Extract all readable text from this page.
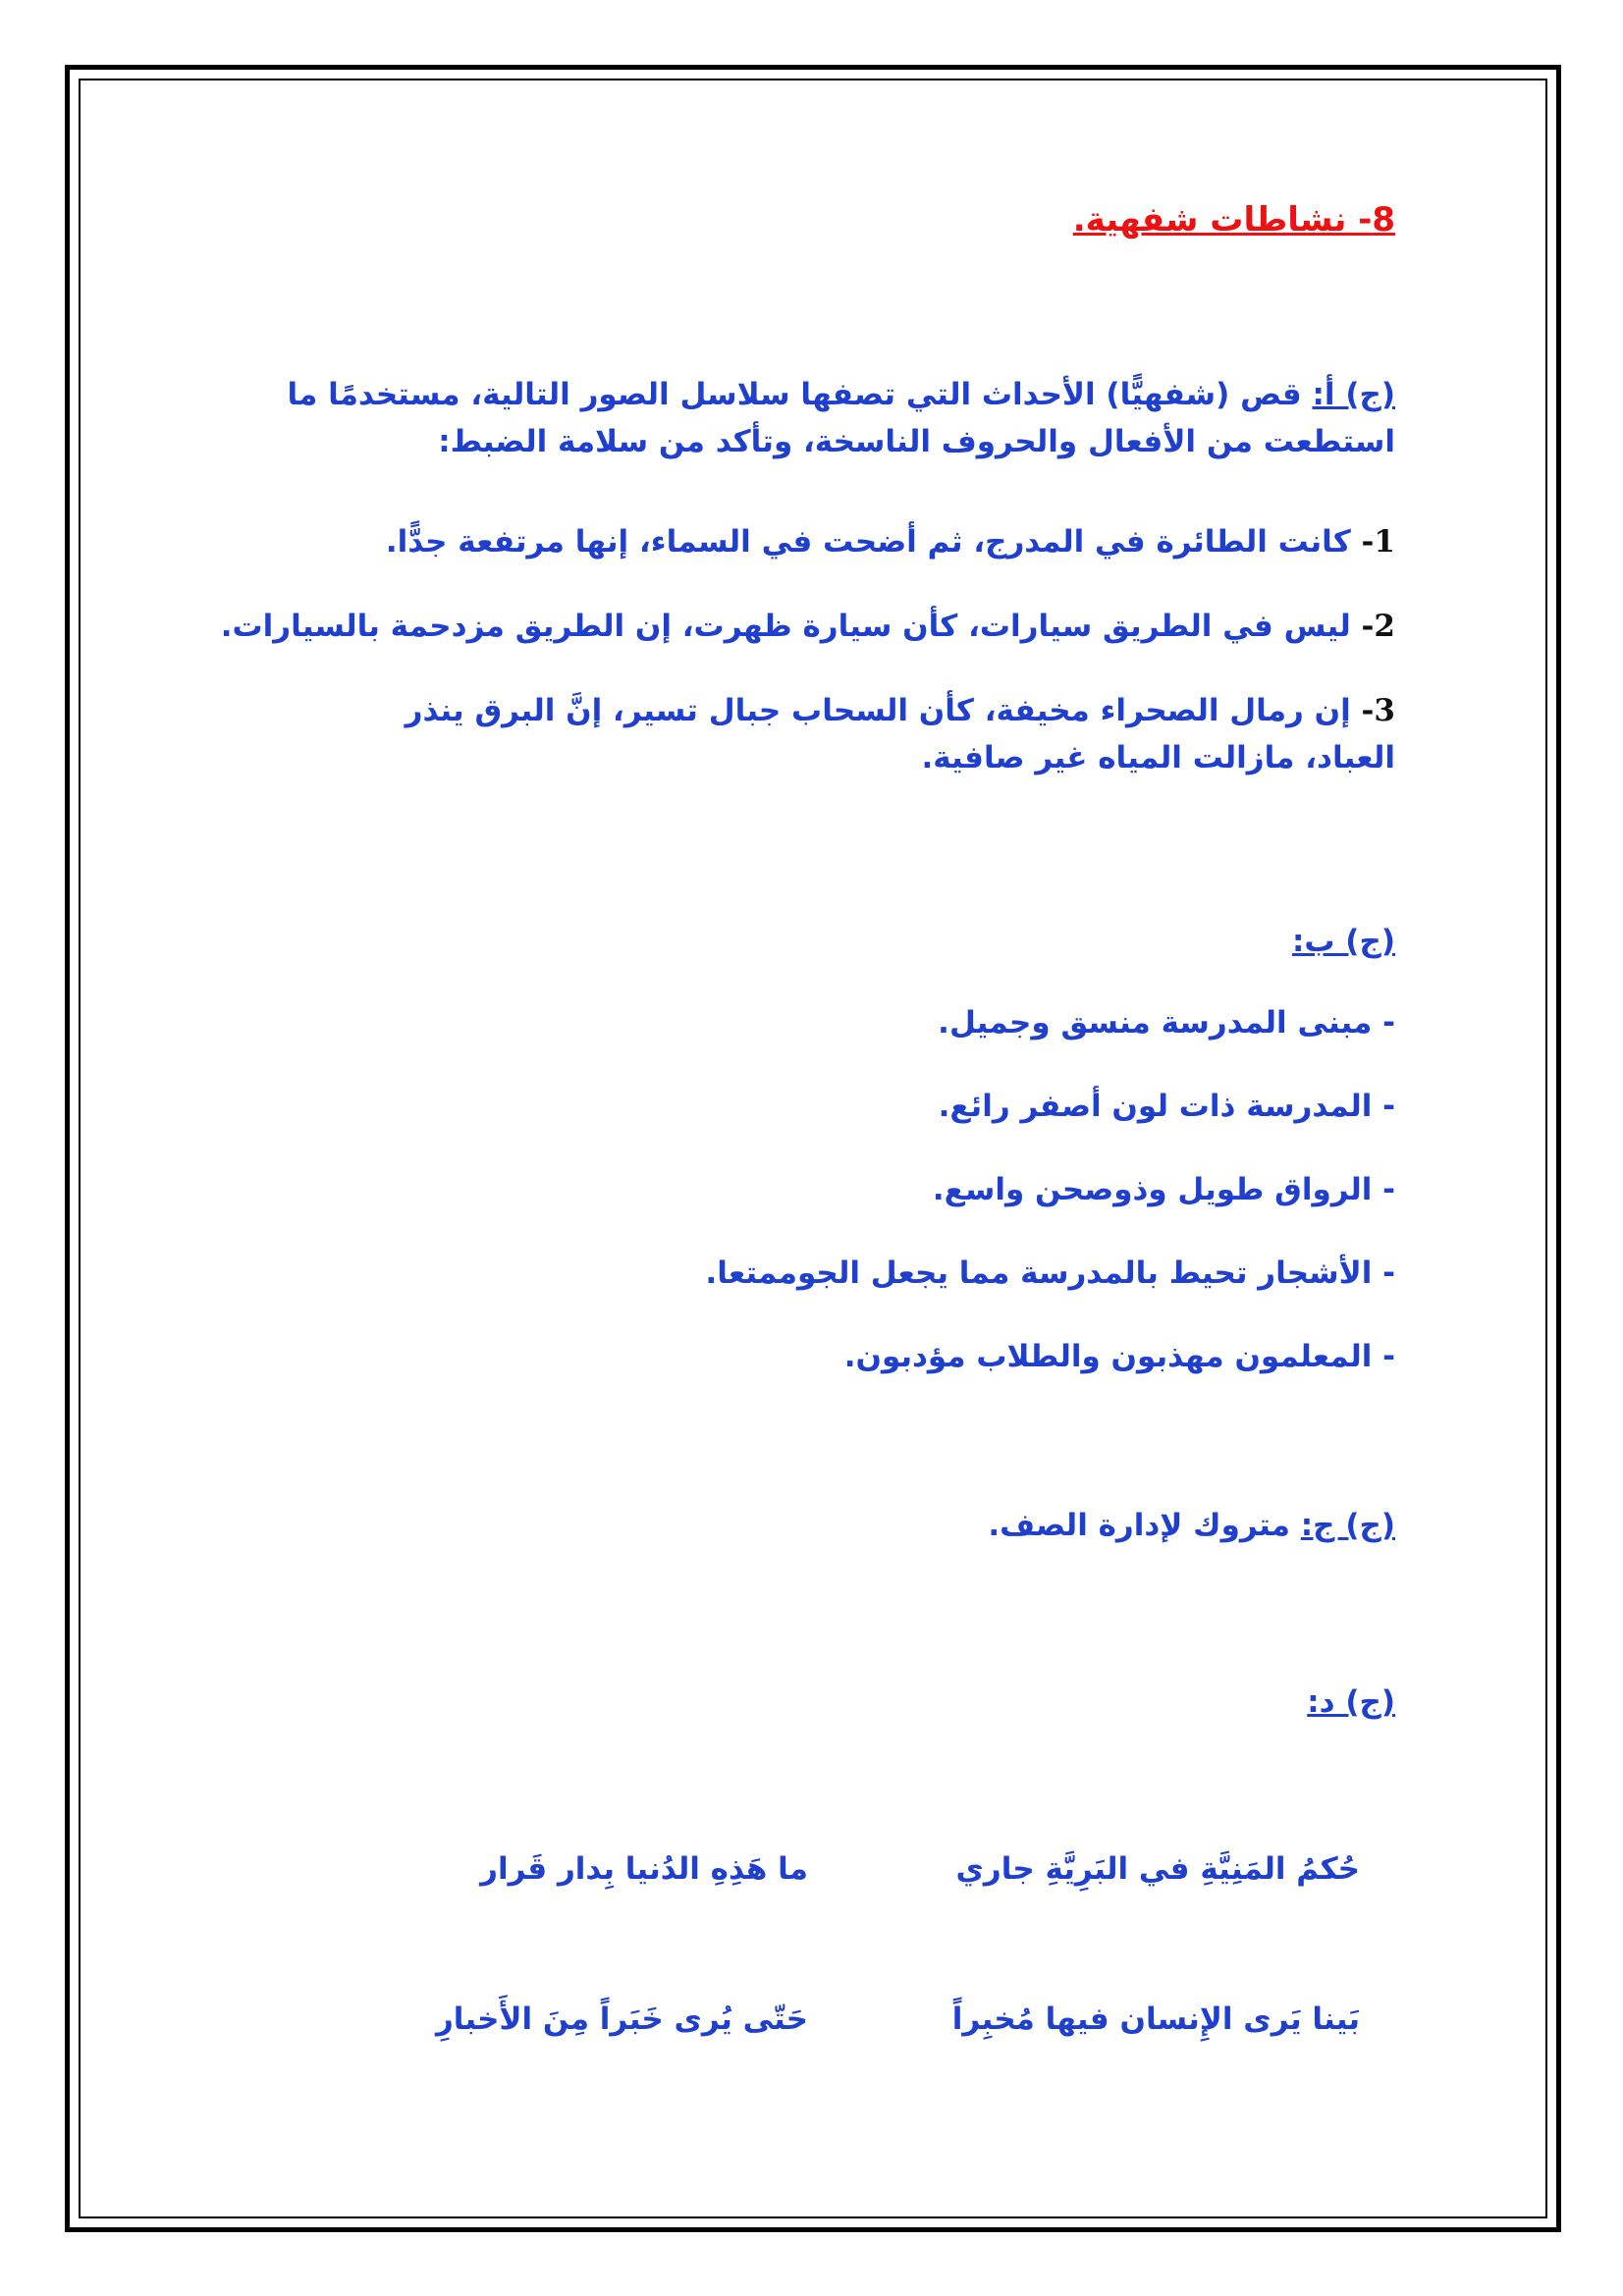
8- نشاطات شفهية.
(ج) أ: قص (شفهيًّا) الأحداث التي تصفها سلاسل الصور التالية، مستخدمًا ما استطعت من الأفعال والحروف الناسخة، وتأكد من سلامة الضبط:
1- كانت الطائرة في المدرج، ثم أضحت في السماء، إنها مرتفعة جدًّا.
2- ليس في الطريق سيارات، كأن سيارة ظهرت، إن الطريق مزدحمة بالسيارات.
3- إن رمال الصحراء مخيفة، كأن السحاب جبال تسير، إنَّ البرق ينذر العباد، مازالت المياه غير صافية.
(ج) ب:
- مبنى المدرسة منسق وجميل.
- المدرسة ذات لون أصفر رائع.
- الرواق طويل وذوصحن واسع.
- الأشجار تحيط بالمدرسة مما يجعل الجوممتعا.
- المعلمون مهذبون والطلاب مؤدبون.
(ج) ج: متروك لإدارة الصف.
(ج) د:
حُكمُ المَنِيَّةِ في البَرِيَّةِ جاري
ما هَذِهِ الدُنيا بِدار قَرار
بَينا يَرى الإِنسان فيها مُخبِراً
حَتّى يُرى خَبَراً مِنَ الأَخبارِ
